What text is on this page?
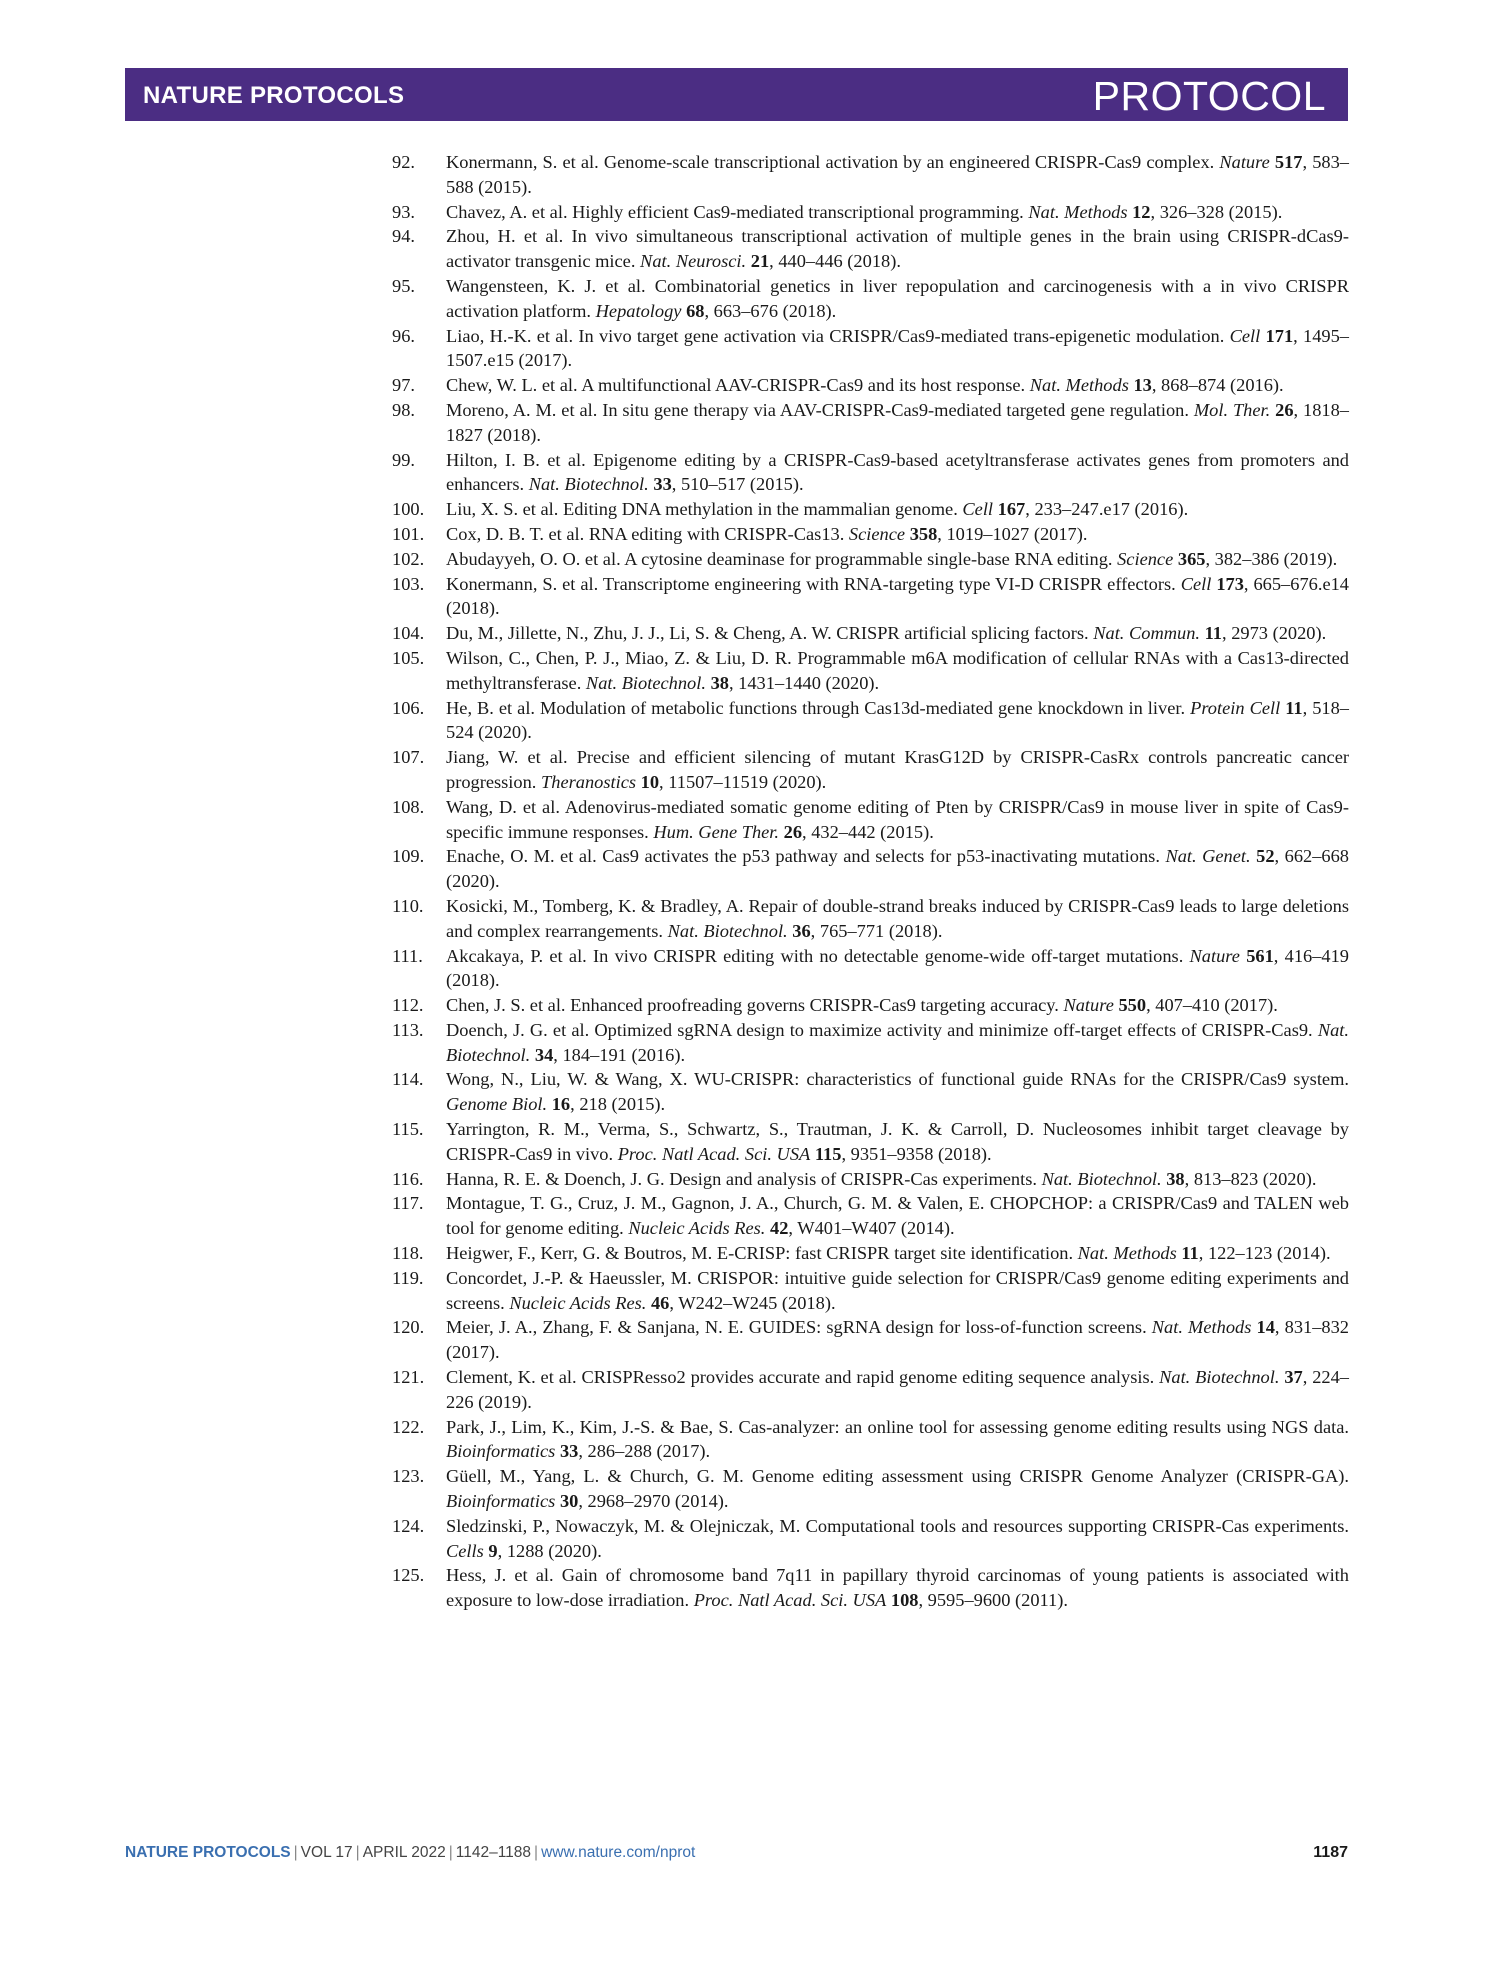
NATURE PROTOCOLS	PROTOCOL
92.	Konermann, S. et al. Genome-scale transcriptional activation by an engineered CRISPR-Cas9 complex. Nature 517, 583–588 (2015).
93.	Chavez, A. et al. Highly efficient Cas9-mediated transcriptional programming. Nat. Methods 12, 326–328 (2015).
94.	Zhou, H. et al. In vivo simultaneous transcriptional activation of multiple genes in the brain using CRISPR-dCas9-activator transgenic mice. Nat. Neurosci. 21, 440–446 (2018).
95.	Wangensteen, K. J. et al. Combinatorial genetics in liver repopulation and carcinogenesis with a in vivo CRISPR activation platform. Hepatology 68, 663–676 (2018).
96.	Liao, H.-K. et al. In vivo target gene activation via CRISPR/Cas9-mediated trans-epigenetic modulation. Cell 171, 1495–1507.e15 (2017).
97.	Chew, W. L. et al. A multifunctional AAV-CRISPR-Cas9 and its host response. Nat. Methods 13, 868–874 (2016).
98.	Moreno, A. M. et al. In situ gene therapy via AAV-CRISPR-Cas9-mediated targeted gene regulation. Mol. Ther. 26, 1818–1827 (2018).
99.	Hilton, I. B. et al. Epigenome editing by a CRISPR-Cas9-based acetyltransferase activates genes from promoters and enhancers. Nat. Biotechnol. 33, 510–517 (2015).
100.	Liu, X. S. et al. Editing DNA methylation in the mammalian genome. Cell 167, 233–247.e17 (2016).
101.	Cox, D. B. T. et al. RNA editing with CRISPR-Cas13. Science 358, 1019–1027 (2017).
102.	Abudayyeh, O. O. et al. A cytosine deaminase for programmable single-base RNA editing. Science 365, 382–386 (2019).
103.	Konermann, S. et al. Transcriptome engineering with RNA-targeting type VI-D CRISPR effectors. Cell 173, 665–676.e14 (2018).
104.	Du, M., Jillette, N., Zhu, J. J., Li, S. & Cheng, A. W. CRISPR artificial splicing factors. Nat. Commun. 11, 2973 (2020).
105.	Wilson, C., Chen, P. J., Miao, Z. & Liu, D. R. Programmable m6A modification of cellular RNAs with a Cas13-directed methyltransferase. Nat. Biotechnol. 38, 1431–1440 (2020).
106.	He, B. et al. Modulation of metabolic functions through Cas13d-mediated gene knockdown in liver. Protein Cell 11, 518–524 (2020).
107.	Jiang, W. et al. Precise and efficient silencing of mutant KrasG12D by CRISPR-CasRx controls pancreatic cancer progression. Theranostics 10, 11507–11519 (2020).
108.	Wang, D. et al. Adenovirus-mediated somatic genome editing of Pten by CRISPR/Cas9 in mouse liver in spite of Cas9-specific immune responses. Hum. Gene Ther. 26, 432–442 (2015).
109.	Enache, O. M. et al. Cas9 activates the p53 pathway and selects for p53-inactivating mutations. Nat. Genet. 52, 662–668 (2020).
110.	Kosicki, M., Tomberg, K. & Bradley, A. Repair of double-strand breaks induced by CRISPR-Cas9 leads to large deletions and complex rearrangements. Nat. Biotechnol. 36, 765–771 (2018).
111.	Akcakaya, P. et al. In vivo CRISPR editing with no detectable genome-wide off-target mutations. Nature 561, 416–419 (2018).
112.	Chen, J. S. et al. Enhanced proofreading governs CRISPR-Cas9 targeting accuracy. Nature 550, 407–410 (2017).
113.	Doench, J. G. et al. Optimized sgRNA design to maximize activity and minimize off-target effects of CRISPR-Cas9. Nat. Biotechnol. 34, 184–191 (2016).
114.	Wong, N., Liu, W. & Wang, X. WU-CRISPR: characteristics of functional guide RNAs for the CRISPR/Cas9 system. Genome Biol. 16, 218 (2015).
115.	Yarrington, R. M., Verma, S., Schwartz, S., Trautman, J. K. & Carroll, D. Nucleosomes inhibit target cleavage by CRISPR-Cas9 in vivo. Proc. Natl Acad. Sci. USA 115, 9351–9358 (2018).
116.	Hanna, R. E. & Doench, J. G. Design and analysis of CRISPR-Cas experiments. Nat. Biotechnol. 38, 813–823 (2020).
117.	Montague, T. G., Cruz, J. M., Gagnon, J. A., Church, G. M. & Valen, E. CHOPCHOP: a CRISPR/Cas9 and TALEN web tool for genome editing. Nucleic Acids Res. 42, W401–W407 (2014).
118.	Heigwer, F., Kerr, G. & Boutros, M. E-CRISP: fast CRISPR target site identification. Nat. Methods 11, 122–123 (2014).
119.	Concordet, J.-P. & Haeussler, M. CRISPOR: intuitive guide selection for CRISPR/Cas9 genome editing experiments and screens. Nucleic Acids Res. 46, W242–W245 (2018).
120.	Meier, J. A., Zhang, F. & Sanjana, N. E. GUIDES: sgRNA design for loss-of-function screens. Nat. Methods 14, 831–832 (2017).
121.	Clement, K. et al. CRISPResso2 provides accurate and rapid genome editing sequence analysis. Nat. Biotechnol. 37, 224–226 (2019).
122.	Park, J., Lim, K., Kim, J.-S. & Bae, S. Cas-analyzer: an online tool for assessing genome editing results using NGS data. Bioinformatics 33, 286–288 (2017).
123.	Güell, M., Yang, L. & Church, G. M. Genome editing assessment using CRISPR Genome Analyzer (CRISPR-GA). Bioinformatics 30, 2968–2970 (2014).
124.	Sledzinski, P., Nowaczyk, M. & Olejniczak, M. Computational tools and resources supporting CRISPR-Cas experiments. Cells 9, 1288 (2020).
125.	Hess, J. et al. Gain of chromosome band 7q11 in papillary thyroid carcinomas of young patients is associated with exposure to low-dose irradiation. Proc. Natl Acad. Sci. USA 108, 9595–9600 (2011).
NATURE PROTOCOLS | VOL 17 | APRIL 2022 | 1142–1188 | www.nature.com/nprot	1187
